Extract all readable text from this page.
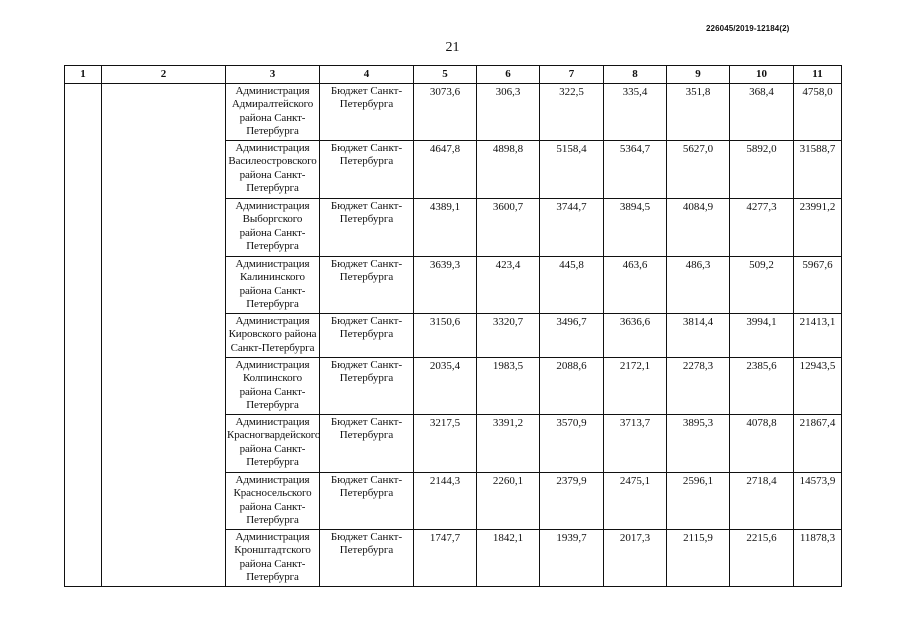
226045/2019-12184(2)
21
1	2	3	4	5	6	7	8	9	10	11
		Администрация Адмиралтейского района Санкт-Петербурга	Бюджет Санкт-Петербурга	3073,6	306,3	322,5	335,4	351,8	368,4	4758,0
		Администрация Василеостровского района Санкт-Петербурга	Бюджет Санкт-Петербурга	4647,8	4898,8	5158,4	5364,7	5627,0	5892,0	31588,7
		Администрация Выборгского района Санкт-Петербурга	Бюджет Санкт-Петербурга	4389,1	3600,7	3744,7	3894,5	4084,9	4277,3	23991,2
		Администрация Калининского района Санкт-Петербурга	Бюджет Санкт-Петербурга	3639,3	423,4	445,8	463,6	486,3	509,2	5967,6
		Администрация Кировского района Санкт-Петербурга	Бюджет Санкт-Петербурга	3150,6	3320,7	3496,7	3636,6	3814,4	3994,1	21413,1
		Администрация Колпинского района Санкт-Петербурга	Бюджет Санкт-Петербурга	2035,4	1983,5	2088,6	2172,1	2278,3	2385,6	12943,5
		Администрация Красногвардейского района Санкт-Петербурга	Бюджет Санкт-Петербурга	3217,5	3391,2	3570,9	3713,7	3895,3	4078,8	21867,4
		Администрация Красносельского района Санкт-Петербурга	Бюджет Санкт-Петербурга	2144,3	2260,1	2379,9	2475,1	2596,1	2718,4	14573,9
		Администрация Кронштадтского района Санкт-Петербурга	Бюджет Санкт-Петербурга	1747,7	1842,1	1939,7	2017,3	2115,9	2215,6	11878,3
